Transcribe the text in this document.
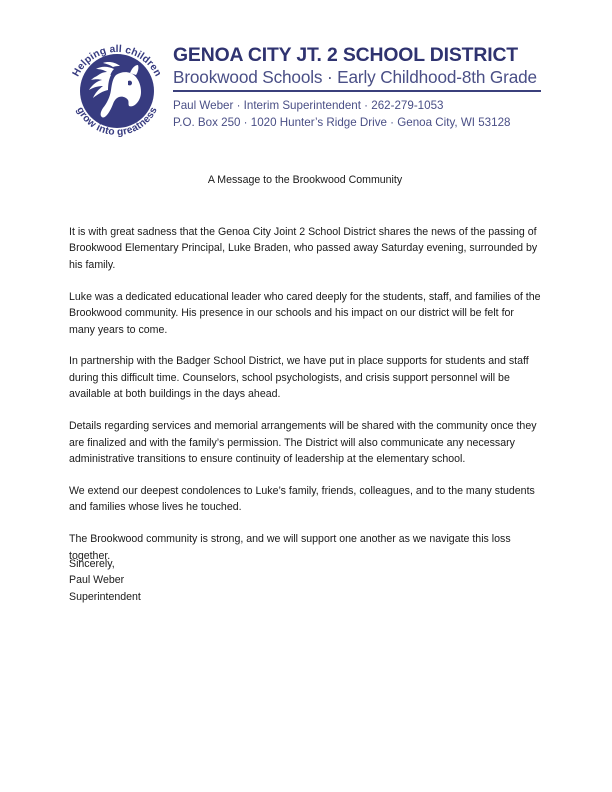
Helping all children
grow into greatness
GENOA CITY JT. 2 SCHOOL DISTRICT
Brookwood Schools · Early Childhood-8th Grade
Paul Weber · Interim Superintendent · 262-279-1053
P.O. Box 250 · 1020 Hunter’s Ridge Drive · Genoa City, WI 53128
A Message to the Brookwood Community

It is with great sadness that the Genoa City Joint 2 School District shares the news of the passing of Brookwood Elementary Principal, Luke Braden, who passed away Saturday evening, surrounded by his family.

Luke was a dedicated educational leader who cared deeply for the students, staff, and families of the Brookwood community. His presence in our schools and his impact on our district will be felt for many years to come.

In partnership with the Badger School District, we have put in place supports for students and staff during this difficult time. Counselors, school psychologists, and crisis support personnel will be available at both buildings in the days ahead.

Details regarding services and memorial arrangements will be shared with the community once they are finalized and with the family’s permission. The District will also communicate any necessary administrative transitions to ensure continuity of leadership at the elementary school.

We extend our deepest condolences to Luke’s family, friends, colleagues, and to the many students and families whose lives he touched.

The Brookwood community is strong, and we will support one another as we navigate this loss together.

Sincerely,
Paul Weber
Superintendent
